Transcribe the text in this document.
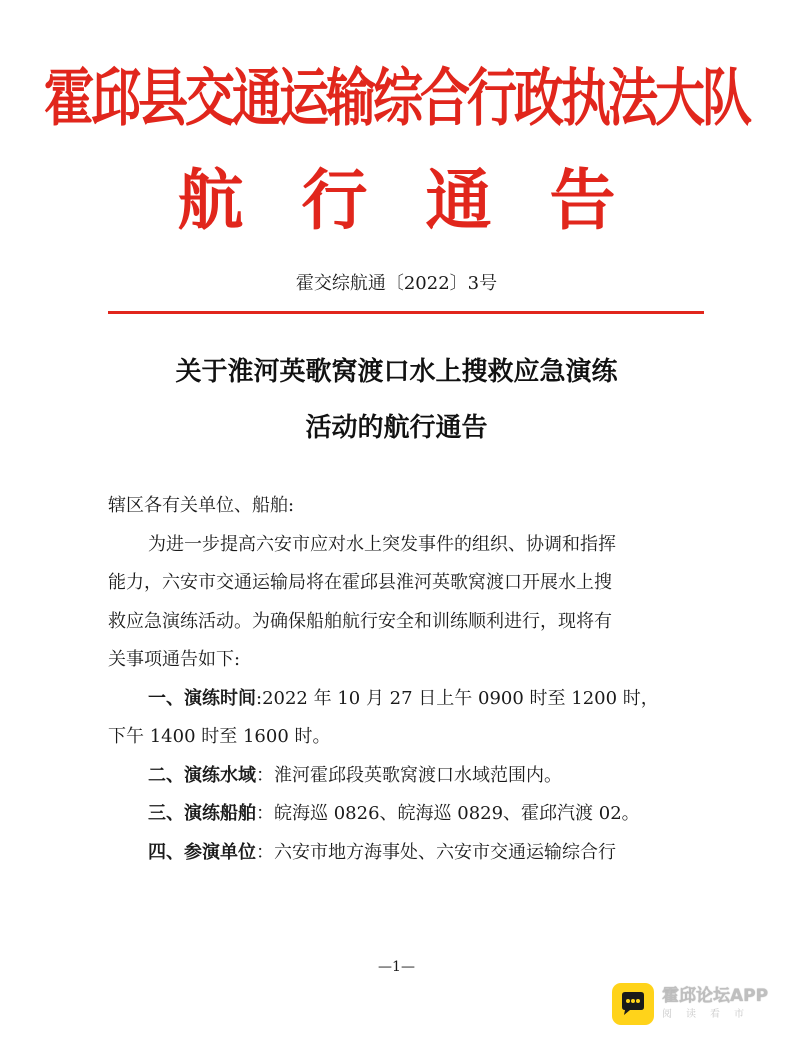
霍邱县交通运输综合行政执法大队
航行通告
霍交综航通〔2022〕3号
关于淮河英歌窝渡口水上搜救应急演练
活动的航行通告

辖区各有关单位、船舶:

为进一步提高六安市应对水上突发事件的组织、协调和指挥
能力，六安市交通运输局将在霍邱县淮河英歌窝渡口开展水上搜
救应急演练活动。为确保船舶航行安全和训练顺利进行，现将有
关事项通告如下:

一、演练时间:2022 年 10 月 27 日上午 0900 时至 1200 时，
下午 1400 时至 1600 时。

二、演练水域：淮河霍邱段英歌窝渡口水域范围内。

三、演练船舶：皖海巡 0826、皖海巡 0829、霍邱汽渡 02。

四、参演单位：六安市地方海事处、六安市交通运输综合行

—1—
霍邱论坛APP
阅读看市
